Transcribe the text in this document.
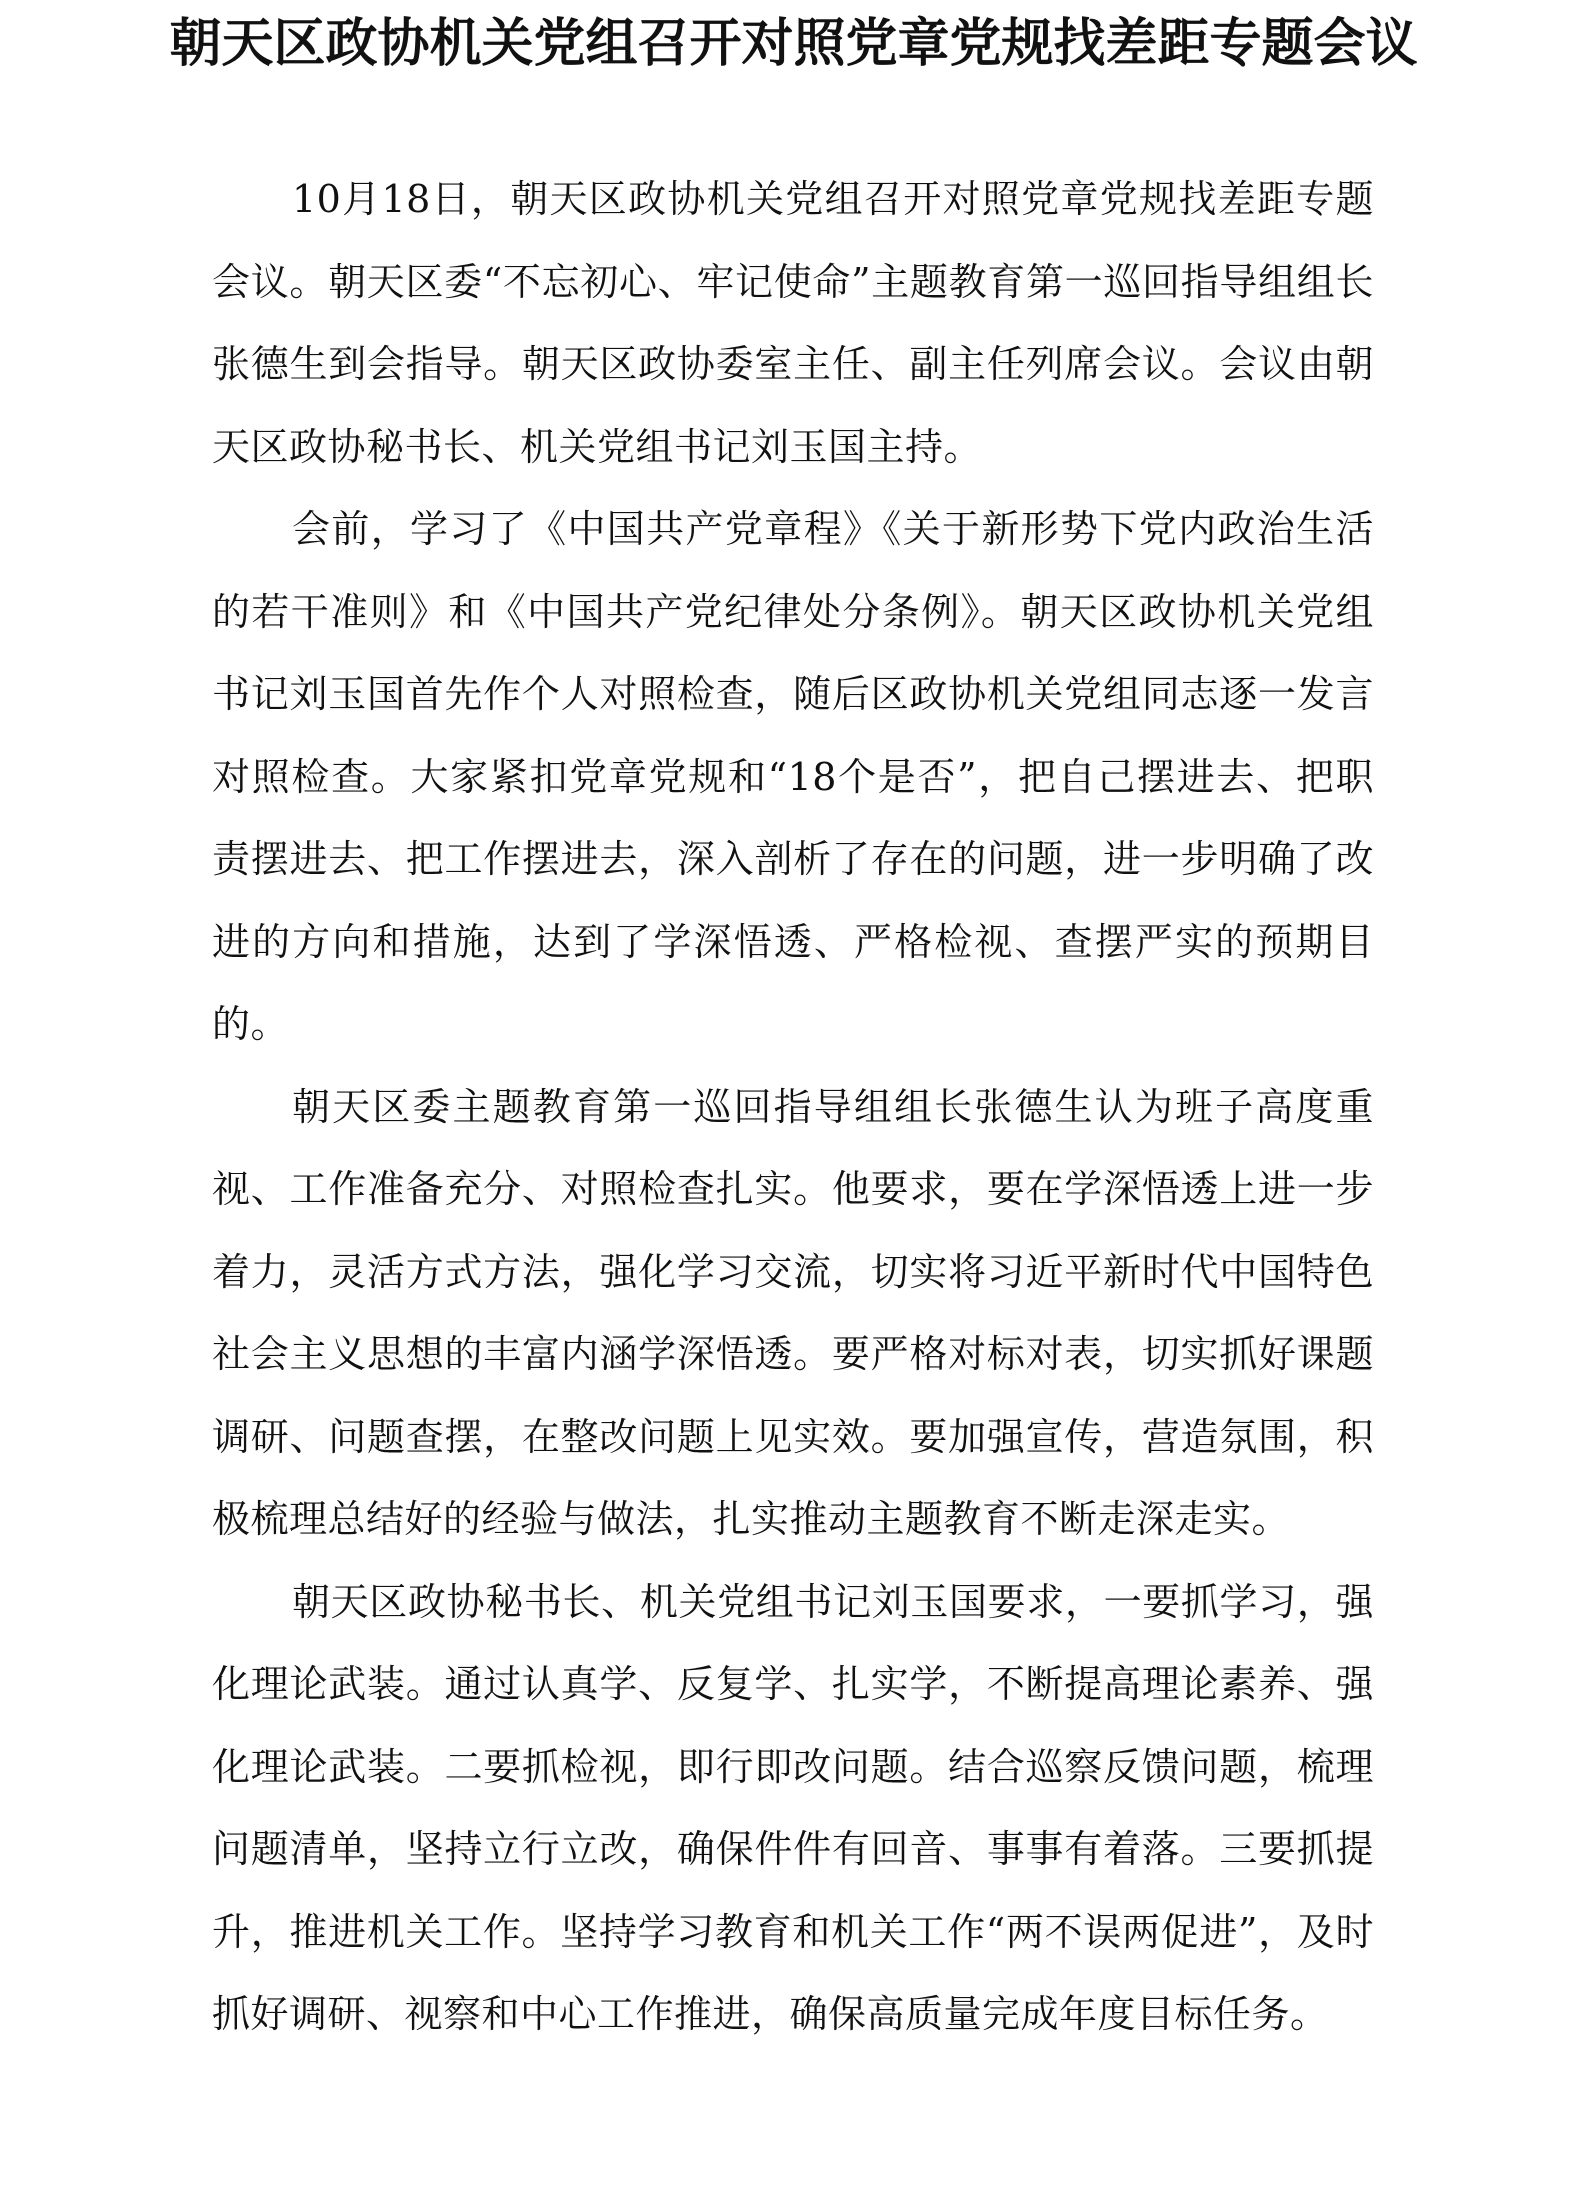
朝天区政协机关党组召开对照党章党规找差距专题会议

10月18日，朝天区政协机关党组召开对照党章党规找差距专题会议。朝天区委“不忘初心、牢记使命”主题教育第一巡回指导组组长张德生到会指导。朝天区政协委室主任、副主任列席会议。会议由朝天区政协秘书长、机关党组书记刘玉国主持。

会前，学习了《中国共产党章程》《关于新形势下党内政治生活的若干准则》和《中国共产党纪律处分条例》。朝天区政协机关党组书记刘玉国首先作个人对照检查，随后区政协机关党组同志逐一发言对照检查。大家紧扣党章党规和“18个是否”，把自己摆进去、把职责摆进去、把工作摆进去，深入剖析了存在的问题，进一步明确了改进的方向和措施，达到了学深悟透、严格检视、查摆严实的预期目的。

朝天区委主题教育第一巡回指导组组长张德生认为班子高度重视、工作准备充分、对照检查扎实。他要求，要在学深悟透上进一步着力，灵活方式方法，强化学习交流，切实将习近平新时代中国特色社会主义思想的丰富内涵学深悟透。要严格对标对表，切实抓好课题调研、问题查摆，在整改问题上见实效。要加强宣传，营造氛围，积极梳理总结好的经验与做法，扎实推动主题教育不断走深走实。

朝天区政协秘书长、机关党组书记刘玉国要求，一要抓学习，强化理论武装。通过认真学、反复学、扎实学，不断提高理论素养、强化理论武装。二要抓检视，即行即改问题。结合巡察反馈问题，梳理问题清单，坚持立行立改，确保件件有回音、事事有着落。三要抓提升，推进机关工作。坚持学习教育和机关工作“两不误两促进”，及时抓好调研、视察和中心工作推进，确保高质量完成年度目标任务。
